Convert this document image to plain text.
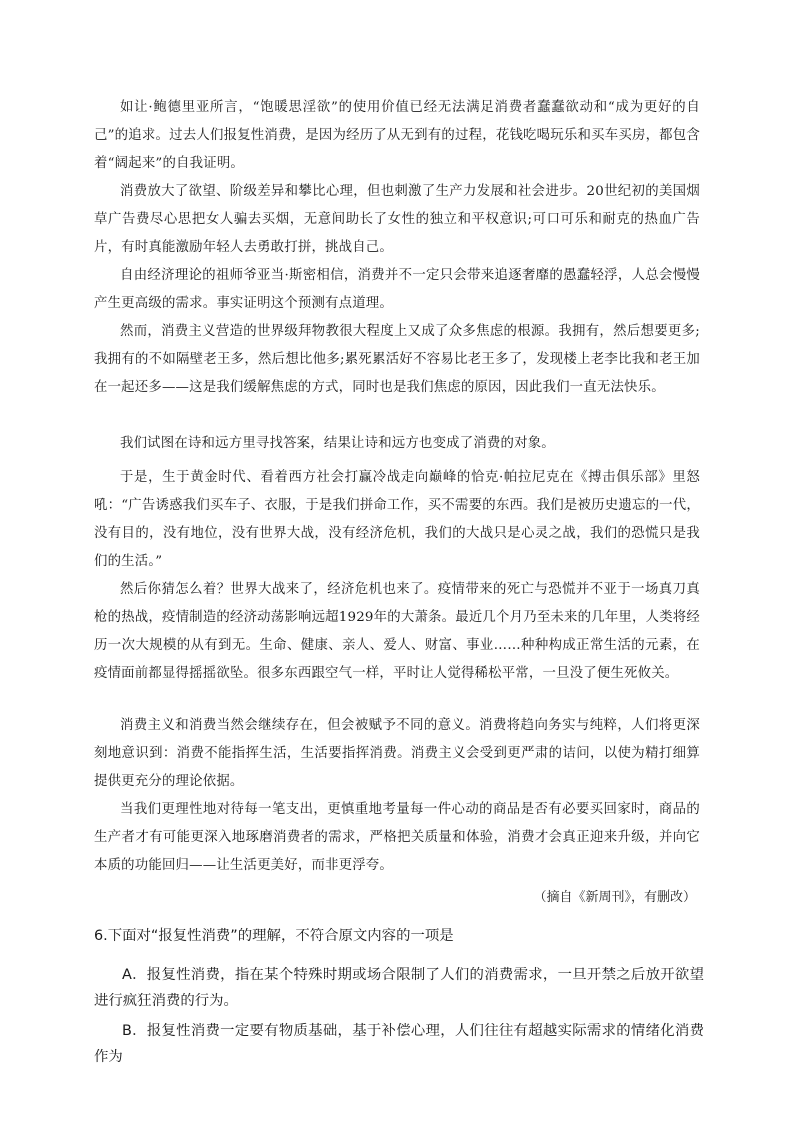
如让·鲍德里亚所言，“饱暖思淫欲”的使用价值已经无法满足消费者蠢蠢欲动和“成为更好的自己”的追求。过去人们报复性消费，是因为经历了从无到有的过程，花钱吃喝玩乐和买车买房，都包含着“阔起来”的自我证明。

消费放大了欲望、阶级差异和攀比心理，但也刺激了生产力发展和社会进步。20世纪初的美国烟草广告费尽心思把女人骗去买烟，无意间助长了女性的独立和平权意识;可口可乐和耐克的热血广告片，有时真能激励年轻人去勇敢打拼，挑战自己。

自由经济理论的祖师爷亚当·斯密相信，消费并不一定只会带来追逐奢靡的愚蠢轻浮，人总会慢慢产生更高级的需求。事实证明这个预测有点道理。

然而，消费主义营造的世界级拜物教很大程度上又成了众多焦虑的根源。我拥有，然后想要更多;我拥有的不如隔壁老王多，然后想比他多;累死累活好不容易比老王多了，发现楼上老李比我和老王加在一起还多——这是我们缓解焦虑的方式，同时也是我们焦虑的原因，因此我们一直无法快乐。

我们试图在诗和远方里寻找答案，结果让诗和远方也变成了消费的对象。

于是，生于黄金时代、看着西方社会打赢冷战走向巅峰的恰克·帕拉尼克在《搏击俱乐部》里怒吼：“广告诱惑我们买车子、衣服，于是我们拼命工作，买不需要的东西。我们是被历史遗忘的一代，没有目的，没有地位，没有世界大战，没有经济危机，我们的大战只是心灵之战，我们的恐慌只是我们的生活。”

然后你猜怎么着？世界大战来了，经济危机也来了。疫情带来的死亡与恐慌并不亚于一场真刀真枪的热战，疫情制造的经济动荡影响远超1929年的大萧条。最近几个月乃至未来的几年里，人类将经历一次大规模的从有到无。生命、健康、亲人、爱人、财富、事业……种种构成正常生活的元素，在疫情面前都显得摇摇欲坠。很多东西跟空气一样，平时让人觉得稀松平常，一旦没了便生死攸关。

消费主义和消费当然会继续存在，但会被赋予不同的意义。消费将趋向务实与纯粹，人们将更深刻地意识到：消费不能指挥生活，生活要指挥消费。消费主义会受到更严肃的诘问，以使为精打细算提供更充分的理论依据。

当我们更理性地对待每一笔支出，更慎重地考量每一件心动的商品是否有必要买回家时，商品的生产者才有可能更深入地琢磨消费者的需求，严格把关质量和体验，消费才会真正迎来升级，并向它本质的功能回归——让生活更美好，而非更浮夸。

（摘自《新周刊》，有删改）
6.下面对“报复性消费”的理解，不符合原文内容的一项是

A．报复性消费，指在某个特殊时期或场合限制了人们的消费需求，一旦开禁之后放开欲望进行疯狂消费的行为。

B．报复性消费一定要有物质基础，基于补偿心理，人们往往有超越实际需求的情绪化消费作为
